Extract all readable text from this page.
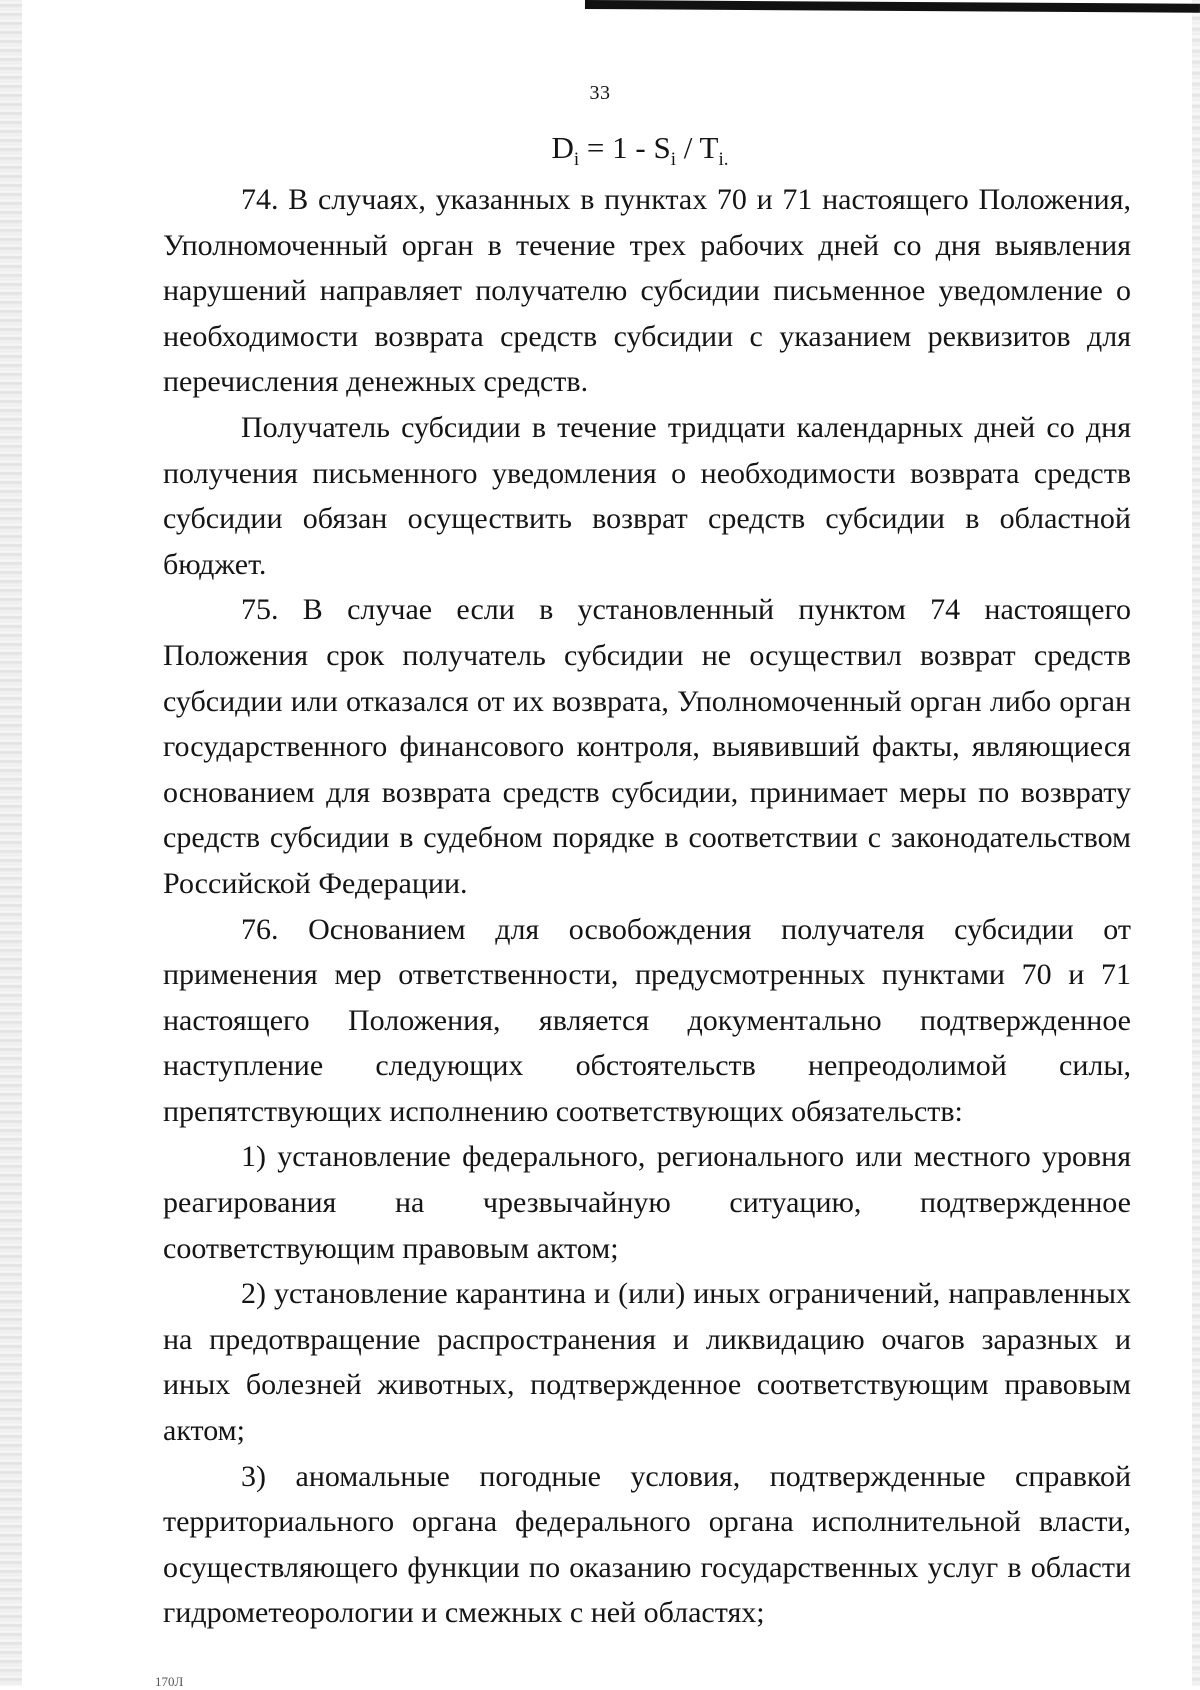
33
$D_i = 1 - S_i / T_{i.}$

74. В случаях, указанных в пунктах 70 и 71 настоящего Положения, Уполномоченный орган в течение трех рабочих дней со дня выявления нарушений направляет получателю субсидии письменное уведомление о необходимости возврата средств субсидии с указанием реквизитов для перечисления денежных средств.

Получатель субсидии в течение тридцати календарных дней со дня получения письменного уведомления о необходимости возврата средств субсидии обязан осуществить возврат средств субсидии в областной бюджет.

75. В случае если в установленный пунктом 74 настоящего Положения срок получатель субсидии не осуществил возврат средств субсидии или отказался от их возврата, Уполномоченный орган либо орган государственного финансового контроля, выявивший факты, являющиеся основанием для возврата средств субсидии, принимает меры по возврату средств субсидии в судебном порядке в соответствии с законодательством Российской Федерации.

76. Основанием для освобождения получателя субсидии от применения мер ответственности, предусмотренных пунктами 70 и 71 настоящего Положения, является документально подтвержденное наступление следующих обстоятельств непреодолимой силы, препятствующих исполнению соответствующих обязательств:

1) установление федерального, регионального или местного уровня реагирования на чрезвычайную ситуацию, подтвержденное соответствующим правовым актом;

2) установление карантина и (или) иных ограничений, направленных на предотвращение распространения и ликвидацию очагов заразных и иных болезней животных, подтвержденное соответствующим правовым актом;

3) аномальные погодные условия, подтвержденные справкой территориального органа федерального органа исполнительной власти, осуществляющего функции по оказанию государственных услуг в области гидрометеорологии и смежных с ней областях;

170Л
